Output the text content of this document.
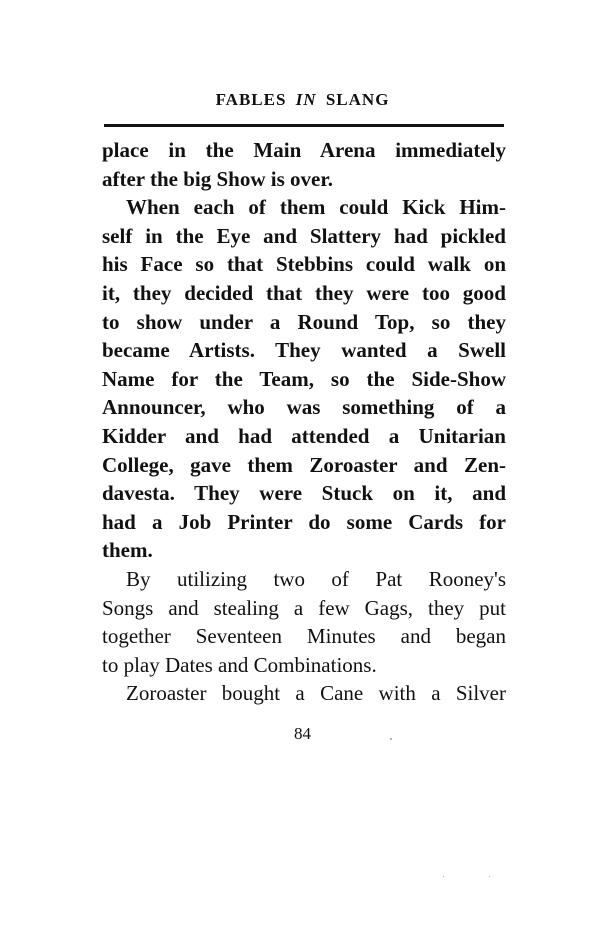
FABLES IN SLANG
place in the Main Arena immediately
after the big Show is over.
When each of them could Kick Him-
self in the Eye and Slattery had pickled
his Face so that Stebbins could walk on
it, they decided that they were too good
to show under a Round Top, so they
became Artists. They wanted a Swell
Name for the Team, so the Side-Show
Announcer, who was something of a
Kidder and had attended a Unitarian
College, gave them Zoroaster and Zen-
davesta. They were Stuck on it, and
had a Job Printer do some Cards for
them.
By utilizing two of Pat Rooney's
Songs and stealing a few Gags, they put
together Seventeen Minutes and began
to play Dates and Combinations.
Zoroaster bought a Cane with a Silver
84
